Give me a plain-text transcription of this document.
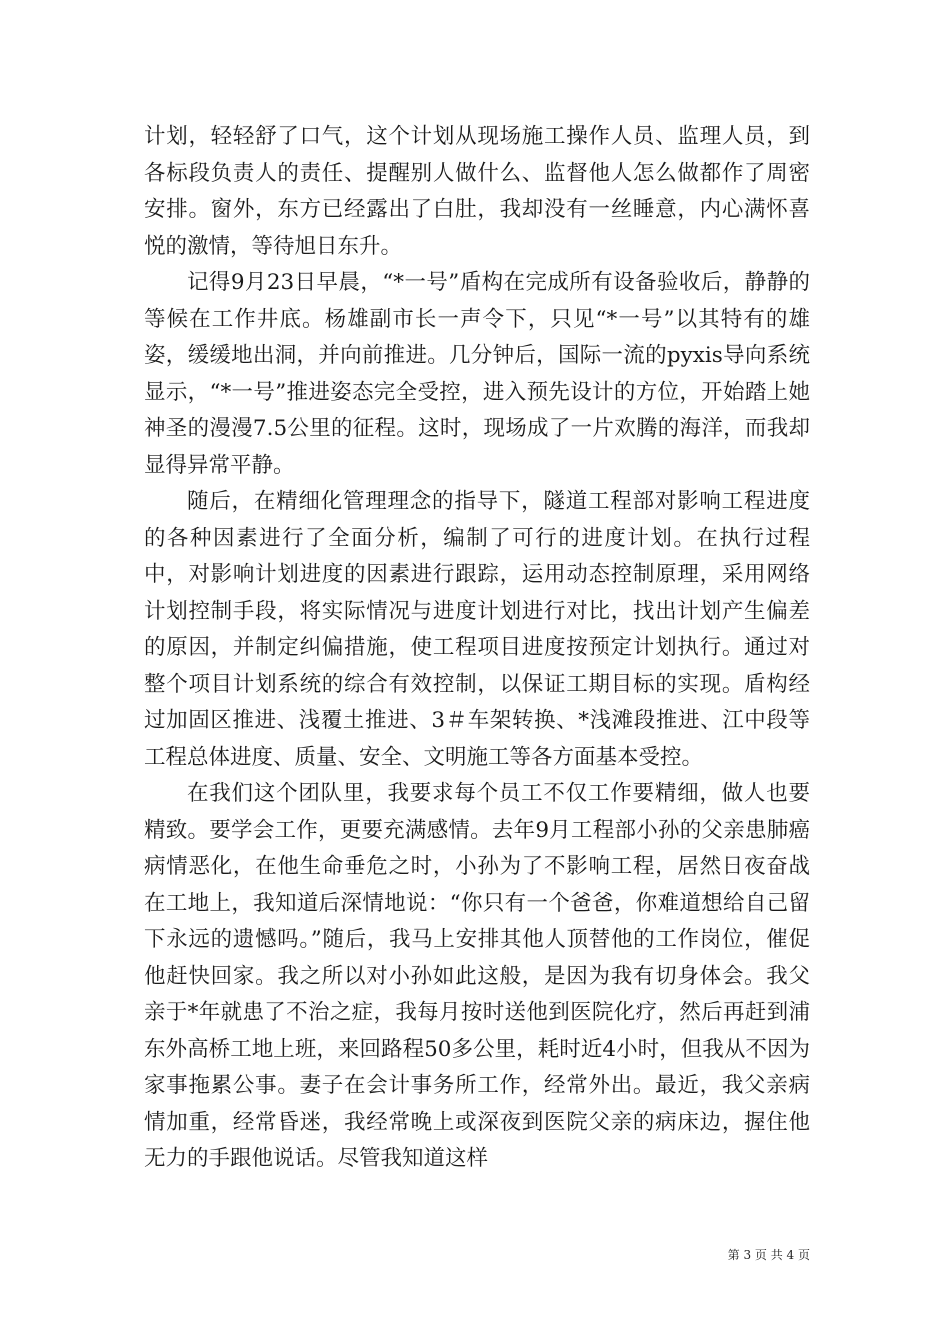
计划，轻轻舒了口气，这个计划从现场施工操作人员、监理人员，到各标段负责人的责任、提醒别人做什么、监督他人怎么做都作了周密安排。窗外，东方已经露出了白肚，我却没有一丝睡意，内心满怀喜悦的激情，等待旭日东升。

记得9月23日早晨，“*一号”盾构在完成所有设备验收后，静静的等候在工作井底。杨雄副市长一声令下，只见“*一号”以其特有的雄姿，缓缓地出洞，并向前推进。几分钟后，国际一流的pyxis导向系统显示，“*一号”推进姿态完全受控，进入预先设计的方位，开始踏上她神圣的漫漫7.5公里的征程。这时，现场成了一片欢腾的海洋，而我却显得异常平静。

随后，在精细化管理理念的指导下，隧道工程部对影响工程进度的各种因素进行了全面分析，编制了可行的进度计划。在执行过程中，对影响计划进度的因素进行跟踪，运用动态控制原理，采用网络计划控制手段，将实际情况与进度计划进行对比，找出计划产生偏差的原因，并制定纠偏措施，使工程项目进度按预定计划执行。通过对整个项目计划系统的综合有效控制，以保证工期目标的实现。盾构经过加固区推进、浅覆土推进、3＃车架转换、*浅滩段推进、江中段等工程总体进度、质量、安全、文明施工等各方面基本受控。

在我们这个团队里，我要求每个员工不仅工作要精细，做人也要精致。要学会工作，更要充满感情。去年9月工程部小孙的父亲患肺癌病情恶化，在他生命垂危之时，小孙为了不影响工程，居然日夜奋战在工地上，我知道后深情地说：“你只有一个爸爸，你难道想给自己留下永远的遗憾吗。”随后，我马上安排其他人顶替他的工作岗位，催促他赶快回家。我之所以对小孙如此这般，是因为我有切身体会。我父亲于*年就患了不治之症，我每月按时送他到医院化疗，然后再赶到浦东外高桥工地上班，来回路程50多公里，耗时近4小时，但我从不因为家事拖累公事。妻子在会计事务所工作，经常外出。最近，我父亲病情加重，经常昏迷，我经常晚上或深夜到医院父亲的病床边，握住他无力的手跟他说话。尽管我知道这样

第 3 页 共 4 页
